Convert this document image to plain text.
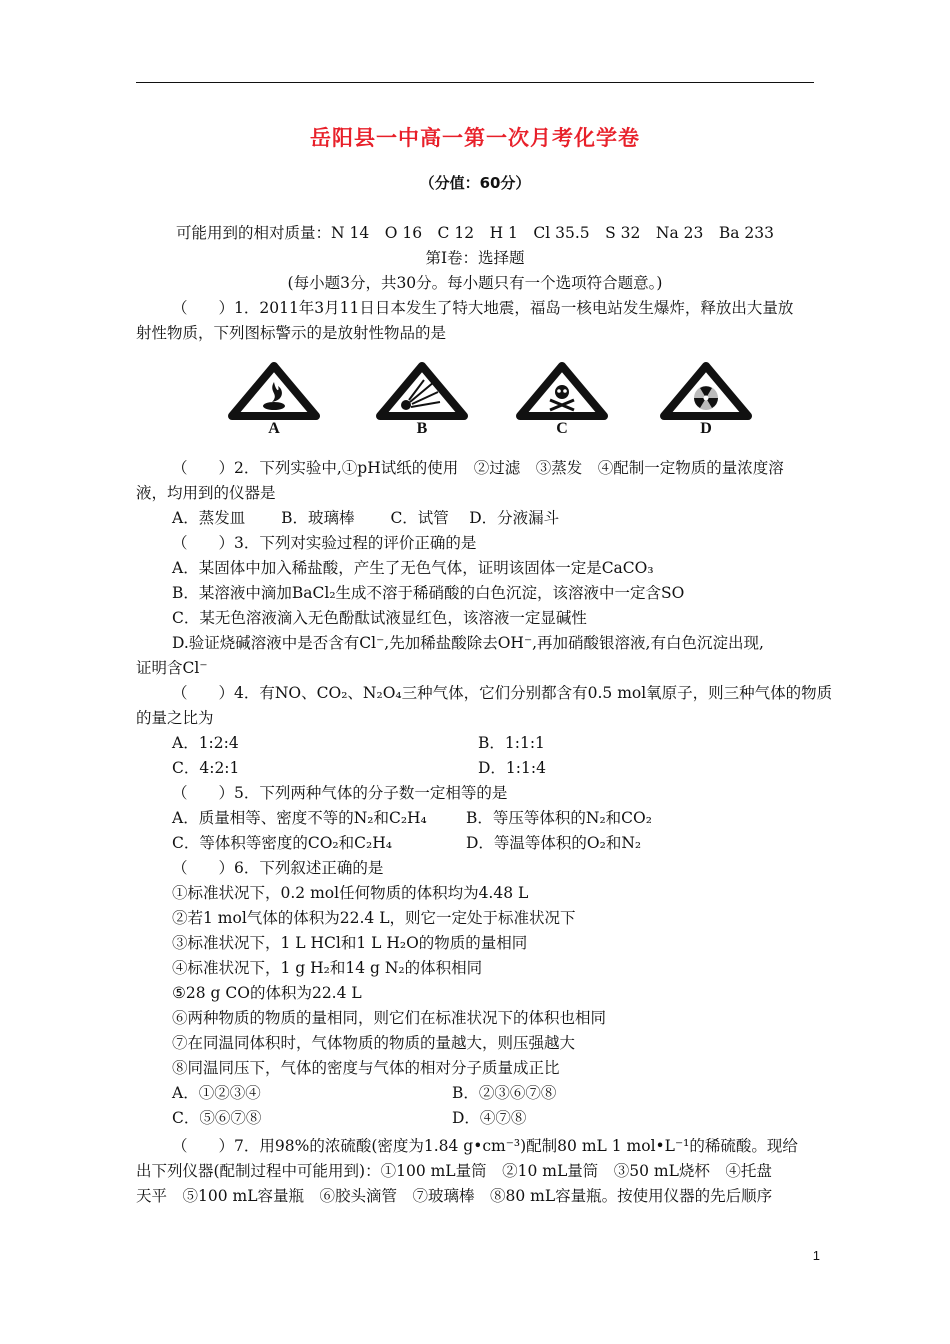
岳阳县一中高一第一次月考化学卷
（分值：60分）
可能用到的相对质量：N 14　O 16　C 12　H 1　Cl 35.5　S 32　Na 23　Ba 233
第Ⅰ卷：选择题
(每小题3分，共30分。每小题只有一个选项符合题意。)
（　　）1．2011年3月11日日本发生了特大地震，福岛一核电站发生爆炸，释放出大量放
射性物质，下列图标警示的是放射性物品的是
A	B	C	D
（　　）2．下列实验中,①pH试纸的使用　②过滤　③蒸发　④配制一定物质的量浓度溶
液，均用到的仪器是
A．蒸发皿　　 B．玻璃棒　　 C．试管　 D．分液漏斗
（　　）3．下列对实验过程的评价正确的是
A．某固体中加入稀盐酸，产生了无色气体，证明该固体一定是CaCO₃
B．某溶液中滴加BaCl₂生成不溶于稀硝酸的白色沉淀，该溶液中一定含SO
C．某无色溶液滴入无色酚酞试液显红色，该溶液一定显碱性
D.验证烧碱溶液中是否含有Cl⁻,先加稀盐酸除去OH⁻,再加硝酸银溶液,有白色沉淀出现,
证明含Cl⁻
（　　）4．有NO、CO₂、N₂O₄三种气体，它们分别都含有0.5 mol氧原子，则三种气体的物质
的量之比为
A．1:2:4	B．1:1:1
C．4:2:1	D．1:1:4
（　　）5．下列两种气体的分子数一定相等的是
A．质量相等、密度不等的N₂和C₂H₄	B．等压等体积的N₂和CO₂
C．等体积等密度的CO₂和C₂H₄	D．等温等体积的O₂和N₂
（　　）6．下列叙述正确的是
①标准状况下，0.2 mol任何物质的体积均为4.48 L
②若1 mol气体的体积为22.4 L，则它一定处于标准状况下
③标准状况下，1 L HCl和1 L H₂O的物质的量相同
④标准状况下，1 g H₂和14 g N₂的体积相同
⑤28 g CO的体积为22.4 L
⑥两种物质的物质的量相同，则它们在标准状况下的体积也相同
⑦在同温同体积时，气体物质的物质的量越大，则压强越大
⑧同温同压下，气体的密度与气体的相对分子质量成正比
A．①②③④	B．②③⑥⑦⑧
C．⑤⑥⑦⑧	D．④⑦⑧
（　　）7．用98%的浓硫酸(密度为1.84 g•cm⁻³)配制80 mL 1 mol•L⁻¹的稀硫酸。现给
出下列仪器(配制过程中可能用到)：①100 mL量筒　②10 mL量筒　③50 mL烧杯　④托盘
天平　⑤100 mL容量瓶　⑥胶头滴管　⑦玻璃棒　⑧80 mL容量瓶。按使用仪器的先后顺序
1
